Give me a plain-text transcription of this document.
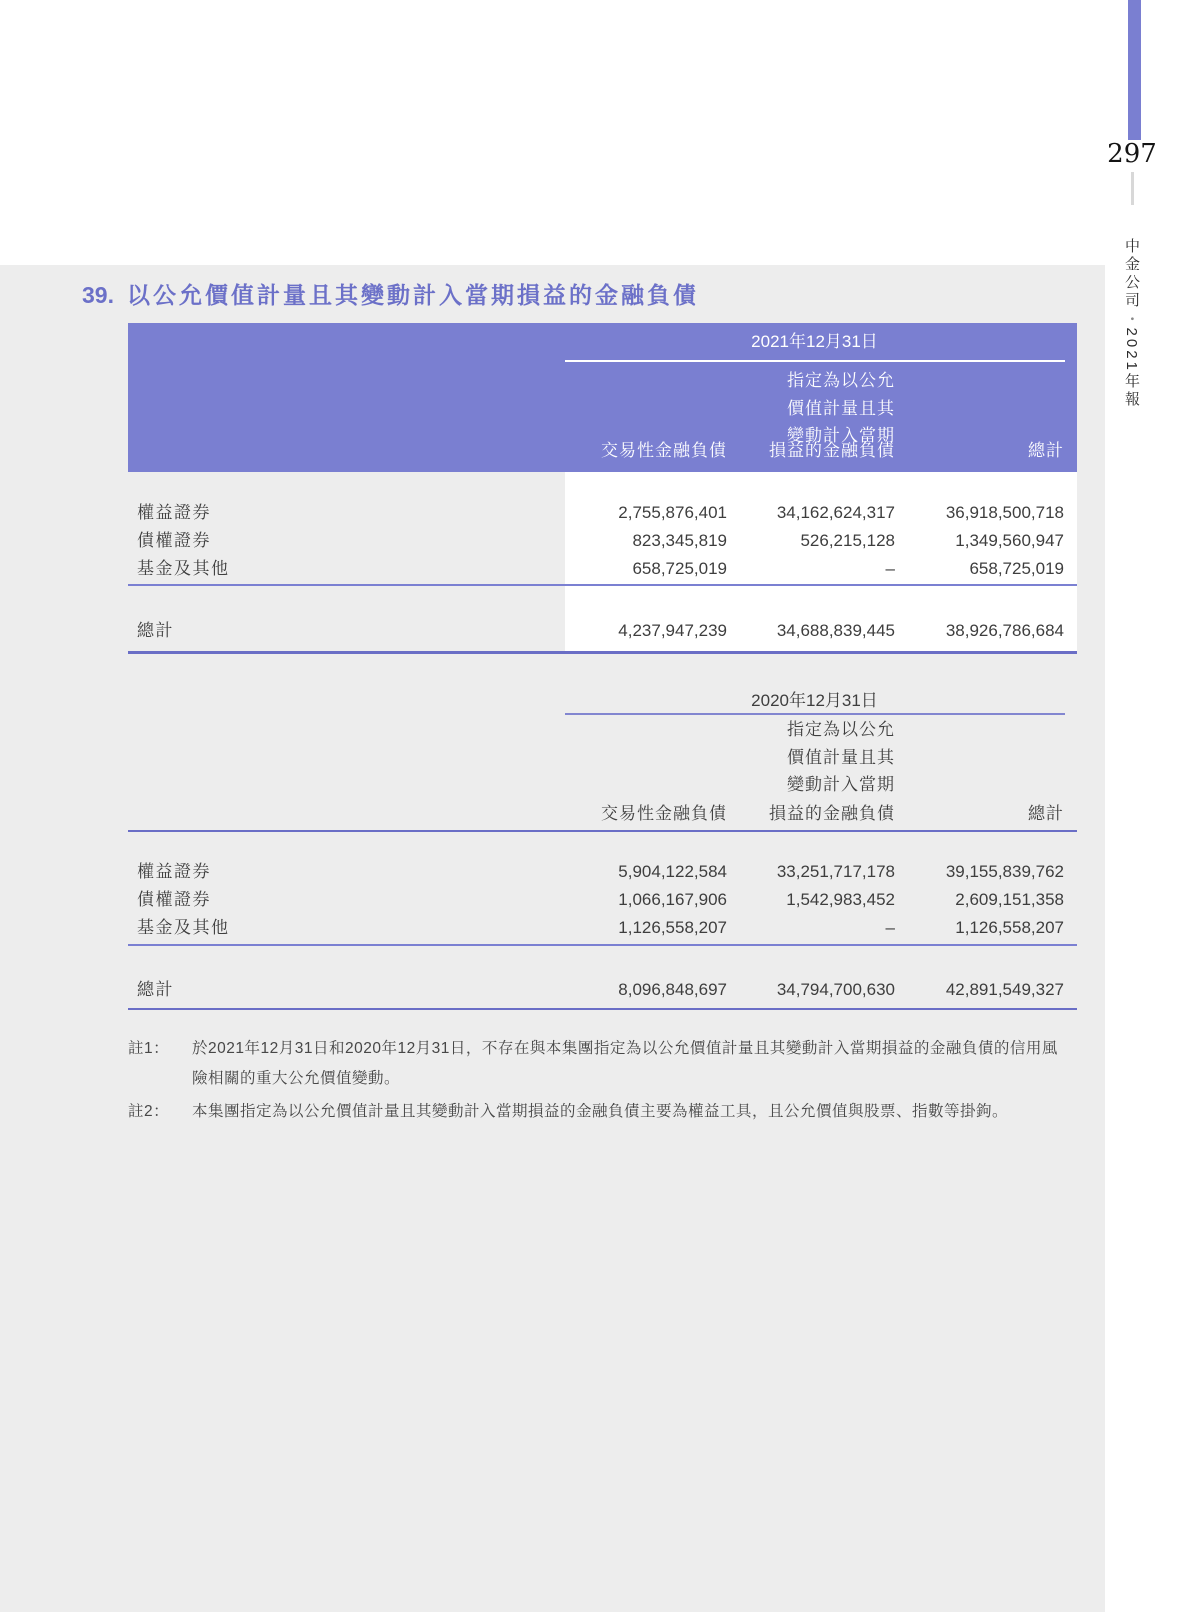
297
中金公司•2021年報
39. 以公允價值計量且其變動計入當期損益的金融負債
2021年12月31日
指定為以公允
價值計量且其
變動計入當期
交易性金融負債	損益的金融負債	總計
權益證券	2,755,876,401	34,162,624,317	36,918,500,718
債權證券	823,345,819	526,215,128	1,349,560,947
基金及其他	658,725,019	–	658,725,019
總計	4,237,947,239	34,688,839,445	38,926,786,684
2020年12月31日
指定為以公允
價值計量且其
變動計入當期
交易性金融負債	損益的金融負債	總計
權益證券	5,904,122,584	33,251,717,178	39,155,839,762
債權證券	1,066,167,906	1,542,983,452	2,609,151,358
基金及其他	1,126,558,207	–	1,126,558,207
總計	8,096,848,697	34,794,700,630	42,891,549,327
註1：	於2021年12月31日和2020年12月31日，不存在與本集團指定為以公允價值計量且其變動計入當期損益的金融負債的信用風險相關的重大公允價值變動。
註2：	本集團指定為以公允價值計量且其變動計入當期損益的金融負債主要為權益工具，且公允價值與股票、指數等掛鉤。
